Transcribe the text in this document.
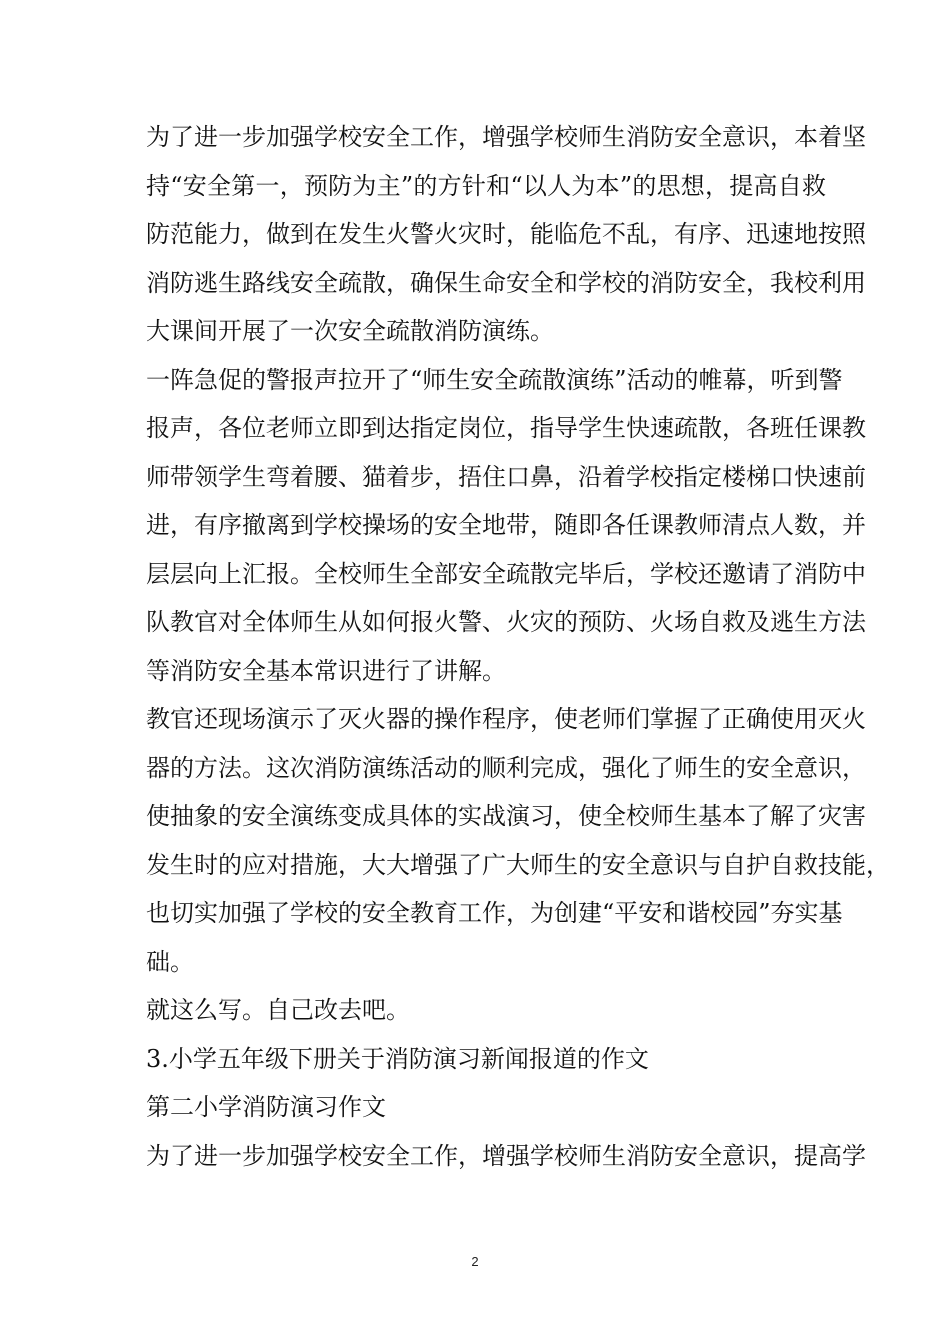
为了进一步加强学校安全工作，增强学校师生消防安全意识，本着坚
持“安全第一，预防为主”的方针和“以人为本”的思想，提高自救
防范能力，做到在发生火警火灾时，能临危不乱，有序、迅速地按照
消防逃生路线安全疏散，确保生命安全和学校的消防安全，我校利用
大课间开展了一次安全疏散消防演练。
一阵急促的警报声拉开了“师生安全疏散演练”活动的帷幕，听到警
报声，各位老师立即到达指定岗位，指导学生快速疏散，各班任课教
师带领学生弯着腰、猫着步，捂住口鼻，沿着学校指定楼梯口快速前
进，有序撤离到学校操场的安全地带，随即各任课教师清点人数，并
层层向上汇报。全校师生全部安全疏散完毕后，学校还邀请了消防中
队教官对全体师生从如何报火警、火灾的预防、火场自救及逃生方法
等消防安全基本常识进行了讲解。
教官还现场演示了灭火器的操作程序，使老师们掌握了正确使用灭火
器的方法。这次消防演练活动的顺利完成，强化了师生的安全意识，
使抽象的安全演练变成具体的实战演习，使全校师生基本了解了灾害
发生时的应对措施，大大增强了广大师生的安全意识与自护自救技能，
也切实加强了学校的安全教育工作，为创建“平安和谐校园”夯实基
础。
就这么写。自己改去吧。
3.小学五年级下册关于消防演习新闻报道的作文
第二小学消防演习作文
为了进一步加强学校安全工作，增强学校师生消防安全意识，提高学
2
